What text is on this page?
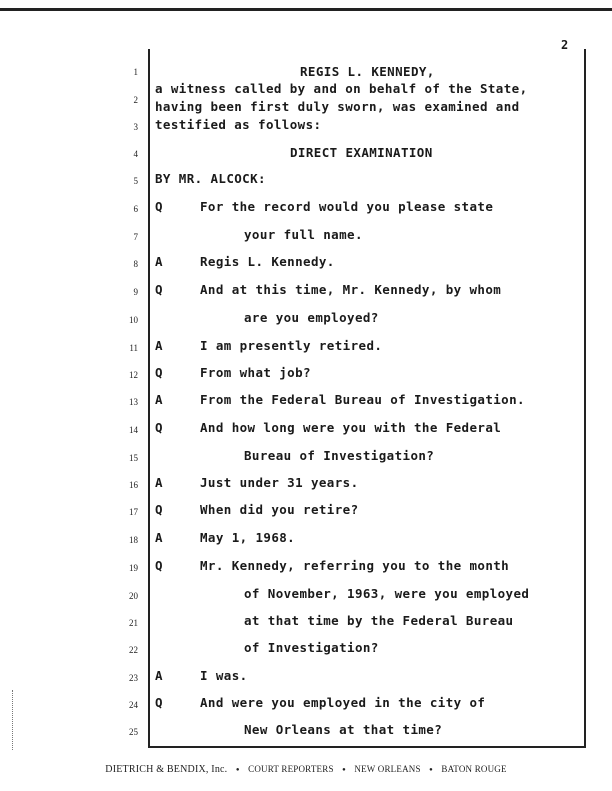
2
1	REGIS L. KENNEDY,
a witness called by and on behalf of the State,
2 having been first duly sworn, was examined and
3 testified as follows:
4	DIRECT EXAMINATION
5 BY MR. ALCOCK:
6 Q	For the record would you please state
7	your full name.
8 A	Regis L. Kennedy.
9 Q	And at this time, Mr. Kennedy, by whom
10	are you employed?
11 A	I am presently retired.
12 Q	From what job?
13 A	From the Federal Bureau of Investigation.
14 Q	And how long were you with the Federal
15	Bureau of Investigation?
16 A	Just under 31 years.
17 Q	When did you retire?
18 A	May 1, 1968.
19 Q	Mr. Kennedy, referring you to the month
20	of November, 1963, were you employed
21	at that time by the Federal Bureau
22	of Investigation?
23 A	I was.
24 Q	And were you employed in the city of
25	New Orleans at that time?
DIETRICH & BENDIX, Inc. ● COURT REPORTERS ● NEW ORLEANS ● BATON ROUGE
